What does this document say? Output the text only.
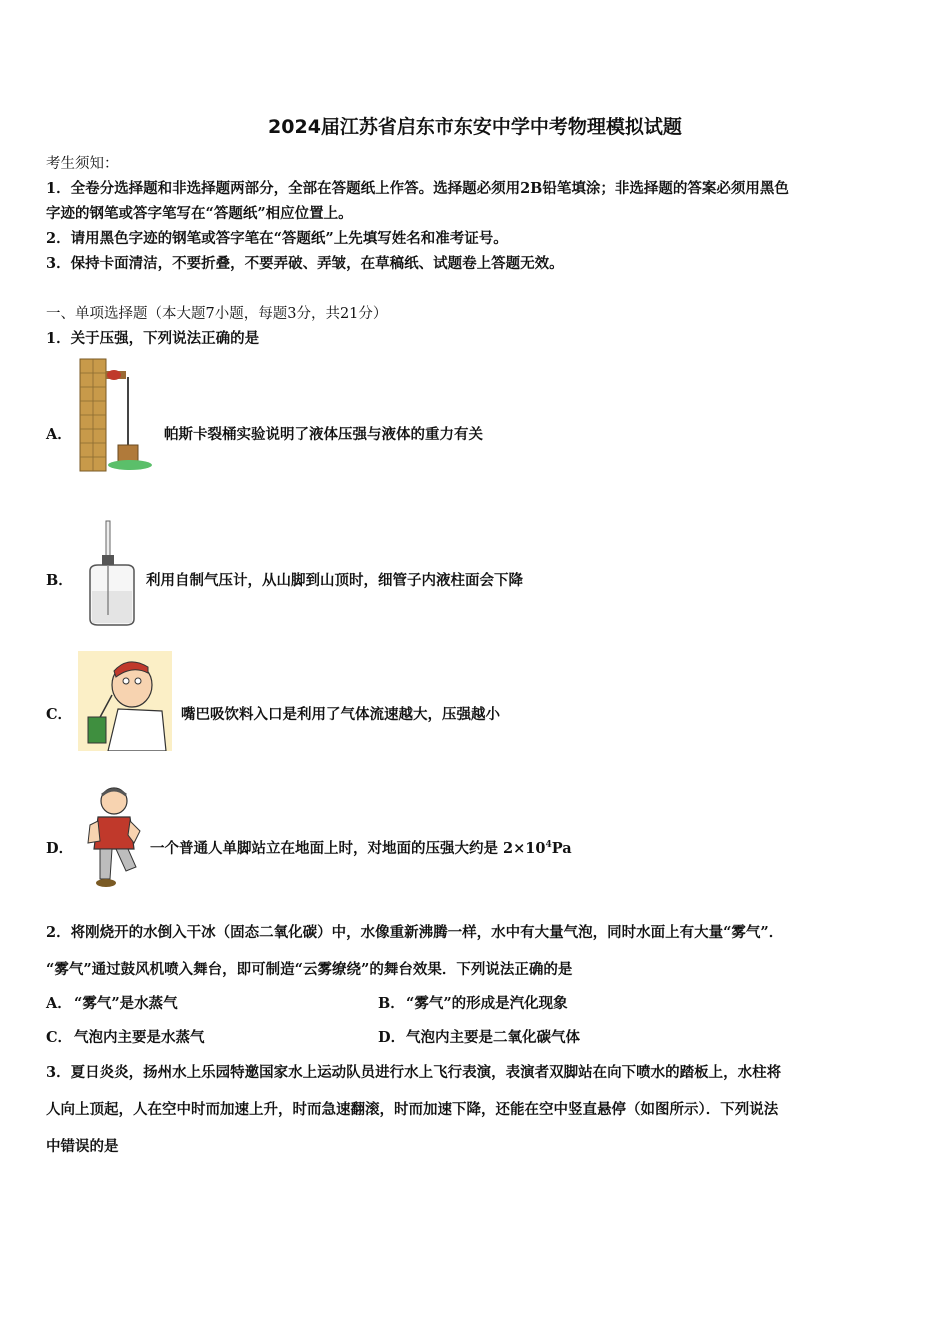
2024届江苏省启东市东安中学中考物理模拟试题
考生须知：
1．全卷分选择题和非选择题两部分，全部在答题纸上作答。选择题必须用2B铅笔填涂；非选择题的答案必须用黑色
字迹的钢笔或答字笔写在“答题纸”相应位置上。
2．请用黑色字迹的钢笔或答字笔在“答题纸”上先填写姓名和准考证号。
3．保持卡面清洁，不要折叠，不要弄破、弄皱，在草稿纸、试题卷上答题无效。
一、单项选择题（本大题7小题，每题3分，共21分）
1．关于压强，下列说法正确的是
A．	帕斯卡裂桶实验说明了液体压强与液体的重力有关
B．	利用自制气压计，从山脚到山顶时，细管子内液柱面会下降
C．	嘴巴吸饮料入口是利用了气体流速越大，压强越小
D．	一个普通人单脚站立在地面上时，对地面的压强大约是 $2\times 10^4Pa$
2．将刚烧开的水倒入干冰（固态二氧化碳）中，水像重新沸腾一样，水中有大量气泡，同时水面上有大量“雾气”．
“雾气”通过鼓风机喷入舞台，即可制造“云雾缭绕”的舞台效果．下列说法正确的是
A． “雾气”是水蒸气	B． “雾气”的形成是汽化现象
C． 气泡内主要是水蒸气	D． 气泡内主要是二氧化碳气体
3．夏日炎炎，扬州水上乐园特邀国家水上运动队员进行水上飞行表演，表演者双脚站在向下喷水的踏板上，水柱将
人向上顶起，人在空中时而加速上升，时而急速翻滚，时而加速下降，还能在空中竖直悬停（如图所示）．下列说法
中错误的是
